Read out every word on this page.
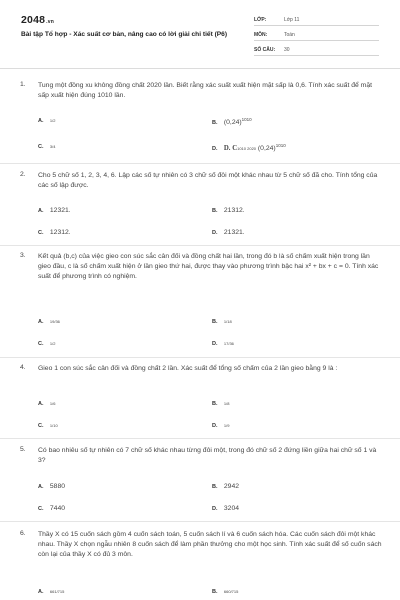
2048.vn
Bài tập Tổ hợp - Xác suất cơ bản, nâng cao có lời giải chi tiết (P6)
LỚP:	Lớp 11
MÔN:	Toán
SỐ CÂU: 30
1. Tung một đồng xu không đồng chất 2020 lần. Biết rằng xác suất xuất hiện mặt sấp là 0,6. Tính xác suất để mặt sấp xuất hiện đúng 1010 lần.
A. 1/2
B. $(0,24)^{1010}$
C. 3/4
D. D. C1010 2020 $(0,24)^{1010}$
2. Cho 5 chữ số 1, 2, 3, 4, 6. Lập các số tự nhiên có 3 chữ số đôi một khác nhau từ 5 chữ số đã cho. Tính tổng của các số lập được.
A. 12321.	B. 21312.
C. 12312.	D. 21321.
3. Kết quả (b,c) của việc gieo con súc sắc cân đối và đồng chất hai lần, trong đó b là số chấm xuất hiện trong lần gieo đầu, c là số chấm xuất hiện ở lần gieo thứ hai, được thay vào phương trình bậc hai x² + bx + c = 0. Tính xác suất để phương trình có nghiệm.
A. 19/36	B. 1/18
C. 1/2	D. 17/36
4. Gieo 1 con súc sắc cân đối và đồng chất 2 lần. Xác suất để tổng số chấm của 2 lần gieo bằng 9 là :
A. 1/6	B. 1/8
C. 1/10	D. 1/9
5. Có bao nhiêu số tự nhiên có 7 chữ số khác nhau từng đôi một, trong đó chữ số 2 đứng liền giữa hai chữ số 1 và 3?
A. 5880	B. 2942
C. 7440	D. 3204
6. Thầy X có 15 cuốn sách gồm 4 cuốn sách toán, 5 cuốn sách lí và 6 cuốn sách hóa. Các cuốn sách đôi một khác nhau. Thầy X chọn ngẫu nhiên 8 cuốn sách để làm phần thưởng cho một học sinh. Tính xác suất để số cuốn sách còn lại của thầy X có đủ 3 môn.
A. 661/715	B. 660/715
